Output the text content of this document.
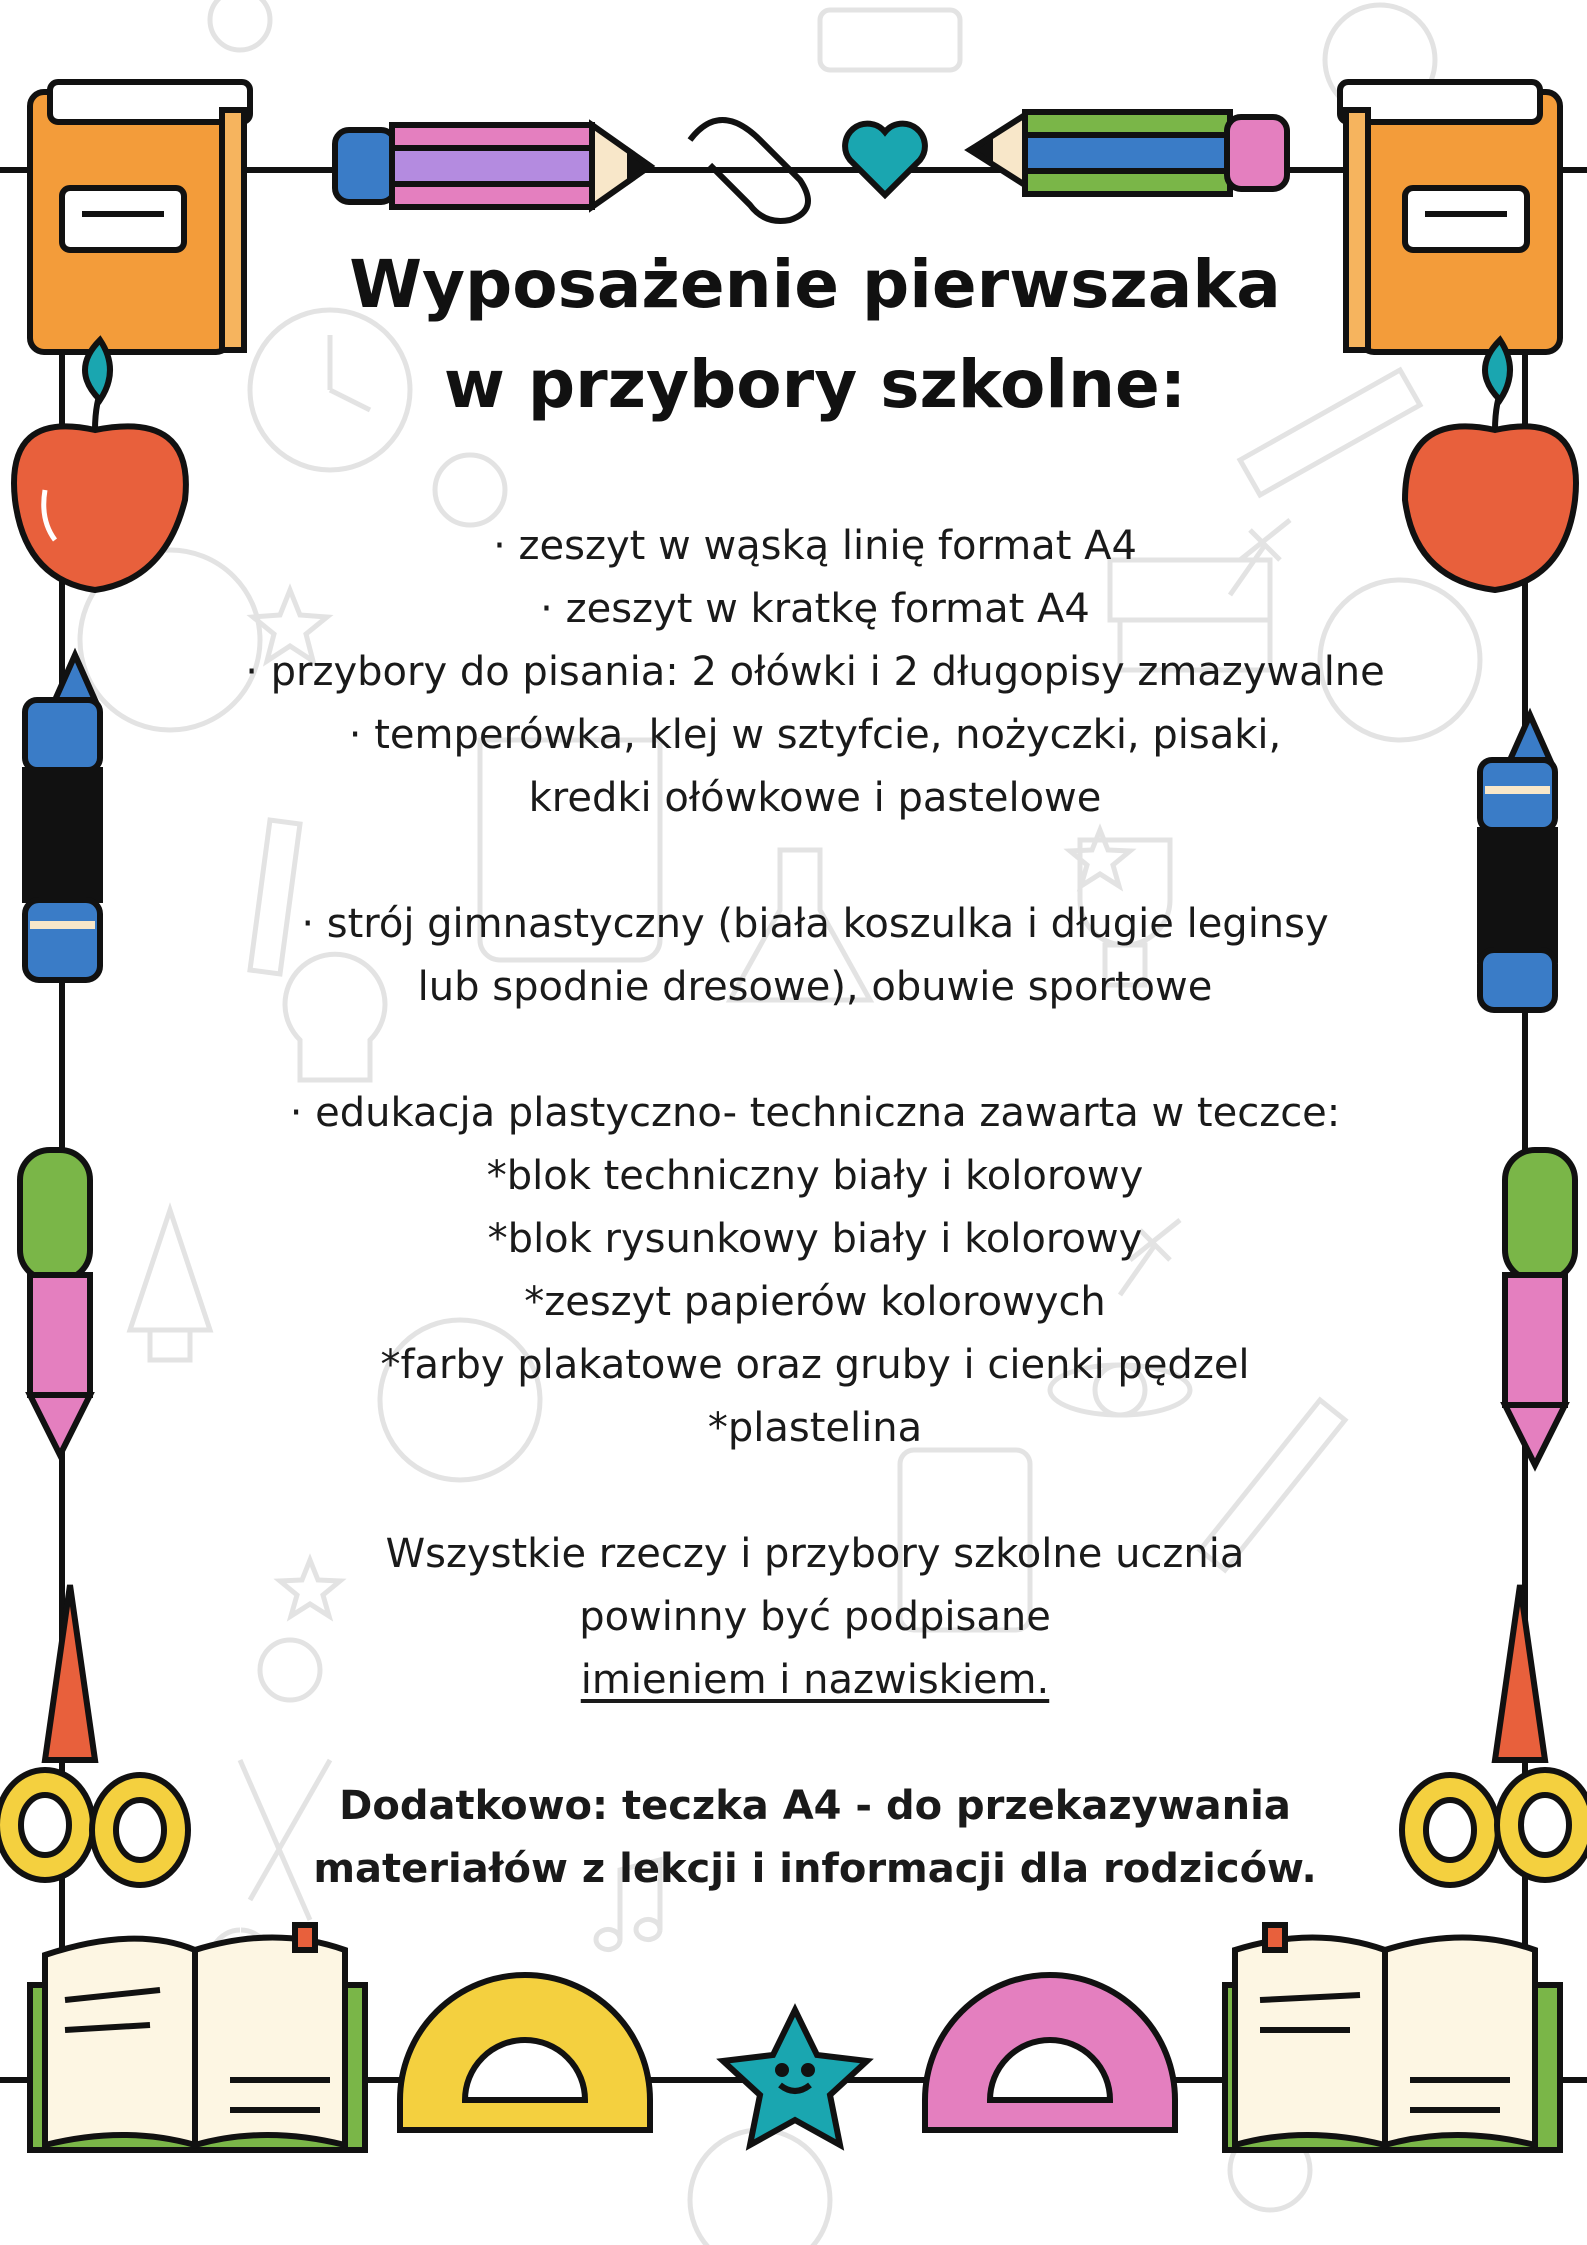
Wyposażenie pierwszaka
w przybory szkolne:
· zeszyt w wąską linię format A4
· zeszyt w kratkę format A4
· przybory do pisania: 2 ołówki i 2 długopisy zmazywalne
· temperówka, klej w sztyfcie, nożyczki, pisaki,
kredki ołówkowe i pastelowe
· strój gimnastyczny (biała koszulka i długie leginsy
lub spodnie dresowe), obuwie sportowe
· edukacja plastyczno- techniczna zawarta w teczce:
*blok techniczny biały i kolorowy
*blok rysunkowy biały i kolorowy
*zeszyt papierów kolorowych
*farby plakatowe oraz gruby i cienki pędzel
*plastelina
Wszystkie rzeczy i przybory szkolne ucznia
powinny być podpisane
imieniem i nazwiskiem.
Dodatkowo: teczka A4 - do przekazywania
materiałów z lekcji i informacji dla rodziców.
